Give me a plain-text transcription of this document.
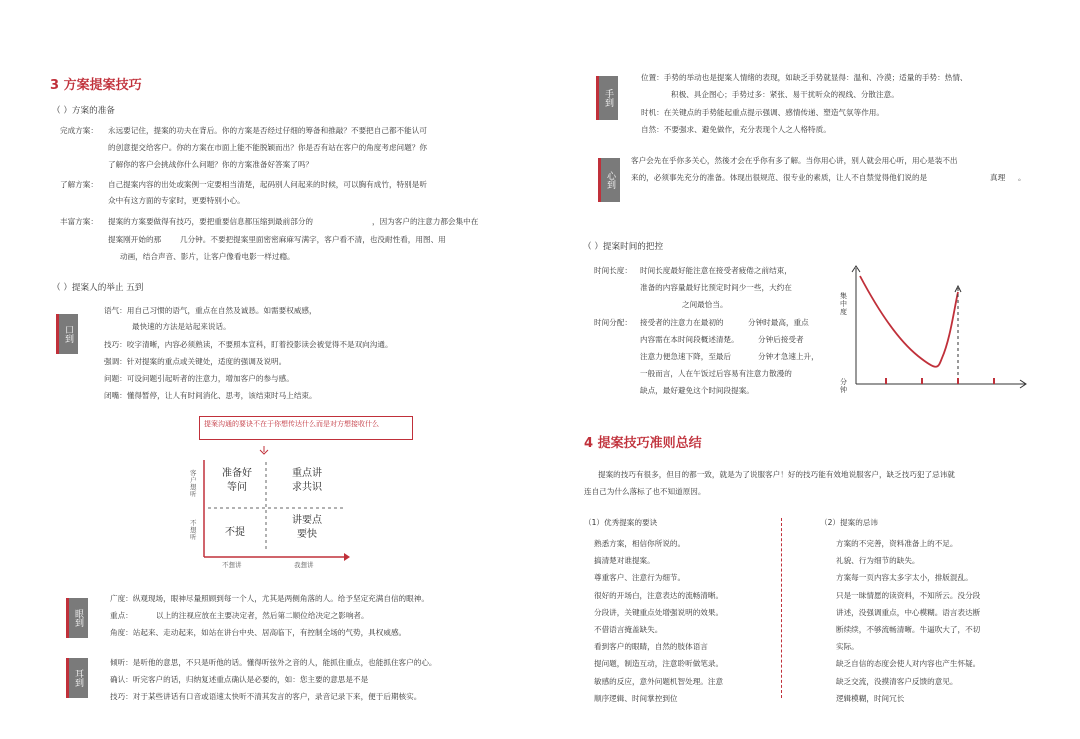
3 方案提案技巧
（ ）方案的准备
完成方案： 永远要记住，提案的功夫在背后。你的方案是否经过仔细的筹备和推敲？不要把自己都不能认可
的创意提交给客户。你的方案在市面上能不能脱颖而出？你是否有站在客户的角度考虑问题？你
了解你的客户会挑战你什么问题？你的方案准备好答案了吗？
了解方案： 自己提案内容的出处或案例一定要相当清楚，起码别人问起来的时候，可以胸有成竹，特别是听
众中有这方面的专家时，更要特别小心。
丰富方案： 提案的方案要做得有技巧，要把重要信息都压缩到最前部分的	，因为客户的注意力都会集中在
提案刚开始的那 几分钟。不要把提案里面密密麻麻写满字，客户看不清，也没耐性看，用图、用
动画，结合声音、影片，让客户像看电影一样过瘾。
（ ）提案人的举止 五到
口到
语气：用自己习惯的语气，重点在自然及诚恳。如需要权威感，
最快速的方法是站起来说话。
技巧：咬字清晰，内容必须熟读，不要照本宣科，盯着投影读会被觉得不是双向沟通。
强调：针对提案的重点或关键处，适度的强调及说明。
问题：可设问题引起听者的注意力，增加客户的参与感。
闭嘴：懂得暂停，让人有时间消化、思考，该结束时马上结束。
提案沟通的要诀不在于你想传达什么而是对方想接收什么
准备好
等问
重点讲
求共识
不提
讲要点
要快
客户想听
不想听
不想讲	我想讲
眼到
广度：纵观现场，眼神尽量照顾到每一个人，尤其是两侧角落的人。给予坚定充满自信的眼神。
重点：	以上的注视应放在主要决定者，然后第二顺位给决定之影响者。
角度：站起来、走动起来，如站在讲台中央、居高临下，有控制全场的气势，具权威感。
耳到
倾听：是听他的意思，不只是听他的话。懂得听弦外之音的人，能抓住重点，也能抓住客户的心。
确认：听完客户的话，归纳复述重点确认是必要的，如：您主要的意思是不是
技巧：对于某些讲话有口音或语速太快听不清其发言的客户，录音记录下来，便于后期核实。
手到
位置：手势的举动也是提案人情绪的表现，如缺乏手势就显得：温和、冷漠；适量的手势：热情、
积极、具企图心；手势过多：紧张、易干扰听众的视线、分散注意。
时机：在关键点的手势能起重点提示强调、感情传递、塑造气氛等作用。
自然：不要强求、避免做作，充分表现个人之人格特质。
心到
客户会先在乎你多关心，然後才会在乎你有多了解。当你用心讲，别人就会用心听，用心是装不出
来的，必须事先充分的准备。体现出很规范、很专业的素质，让人不自禁觉得他们说的是	真理 。
（ ）提案时间的把控
时间长度： 时间长度最好能注意在接受者疲倦之前结束，
准备的内容量最好比预定时间少一些，大约在
之间最恰当。
时间分配： 接受者的注意力在最初的	分钟时最高，重点
内容需在本时间段概述清楚。	分钟后接受者
注意力便急速下降，至最后	分钟才急速上升，
一般而言，人在午饭过后容易有注意力散漫的
缺点，最好避免这个时间段提案。
集中度
分钟
4 提案技巧准则总结
提案的技巧有很多，但目的都一致，就是为了说服客户！好的技巧能有效地说服客户，缺乏技巧犯了忌讳就
连自己为什么落标了也不知道原因。
（1）优秀提案的要诀
熟悉方案，相信你所说的。
搞清楚对谁提案。
尊重客户、注意行为细节。
很好的开场白，注意表达的流畅清晰。
分段讲，关键重点处增强说明的效果。
不借语言掩盖缺失。
看到客户的眼睛，自然的肢体语言
提问题，制造互动，注意聆听做笔录。
敏感的反应，意外问题机智处理。注意
顺序逻辑、时间掌控到位
（2）提案的忌讳
方案的不完善，资料准备上的不足。
礼貌、行为细节的缺失。
方案每一页内容太多字太小，排版混乱。
只是一昧情愿的读资料，不知所云。没分段
讲述，没强调重点，中心模糊。语言表达断
断续续，不够流畅清晰。牛逼吹大了，不切
实际。
缺乏自信的态度会使人对内容也产生怀疑。
缺乏交流，没摸清客户反馈的意见。
逻辑模糊，时间冗长
